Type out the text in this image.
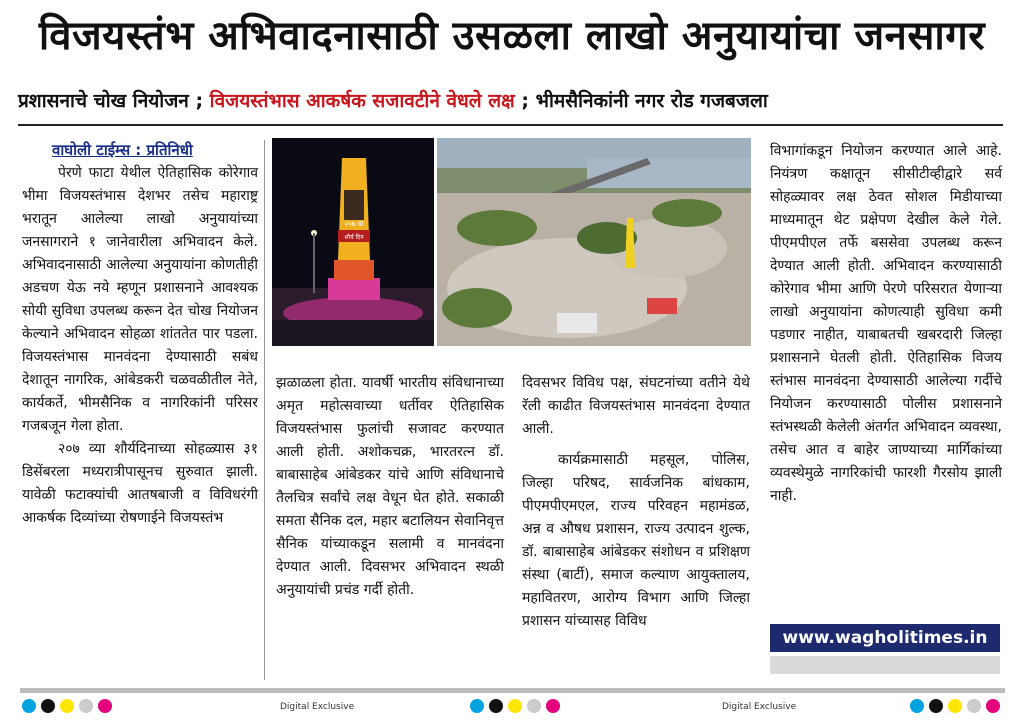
विजयस्तंभ अभिवादनासाठी उसळला लाखो अनुयायांचा जनसागर
प्रशासनाचे चोख नियोजन ; विजयस्तंभास आकर्षक सजावटीने वेधले लक्ष ; भीमसैनिकांनी नगर रोड गजबजला
वाघोली टाईम्स : प्रतिनिधी

पेरणे फाटा येथील ऐतिहासिक कोरेगाव भीमा विजयस्तंभास देशभर तसेच महाराष्ट्र भरातून आलेल्या लाखो अनुयायांच्या जनसागराने १ जानेवारीला अभिवादन केले. अभिवादनासाठी आलेल्या अनुयायांना कोणतीही अडचण येऊ नये म्हणून प्रशासनाने आवश्यक सोयी सुविधा उपलब्ध करून देत चोख नियोजन केल्याने अभिवादन सोहळा शांततेत पार पडला. विजयस्तंभास मानवंदना देण्यासाठी सबंध देशातून नागरिक, आंबेडकरी चळवळीतील नेते, कार्यकर्ते, भीमसैनिक व नागरिकांनी परिसर गजबजून गेला होता.

२०७ व्या शौर्यदिनाच्या सोहळ्यास ३१ डिसेंबरला मध्यरात्रीपासूनच सुरुवात झाली. यावेळी फटाक्यांची आतषबाजी व विविधरंगी आकर्षक दिव्यांच्या रोषणाईने विजयस्तंभ

२०७ वा
शौर्य दिन

झळाळला होता. यावर्षी भारतीय संविधानाच्या अमृत महोत्सवाच्या धर्तीवर ऐतिहासिक विजयस्तंभास फुलांची सजावट करण्यात आली होती. अशोकचक्र, भारतरत्न डॉ. बाबासाहेब आंबेडकर यांचे आणि संविधानाचे तैलचित्र सर्वांचे लक्ष वेधून घेत होते. सकाळी समता सैनिक दल, महार बटालियन सेवानिवृत्त सैनिक यांच्याकडून सलामी व मानवंदना देण्यात आली. दिवसभर अभिवादन स्थळी अनुयायांची प्रचंड गर्दी होती.

दिवसभर विविध पक्ष, संघटनांच्या वतीने येथे रॅली काढीत विजयस्तंभास मानवंदना देण्यात आली.

कार्यक्रमासाठी महसूल, पोलिस, जिल्हा परिषद, सार्वजनिक बांधकाम, पीएमपीएमएल, राज्य परिवहन महामंडळ, अन्न व औषध प्रशासन, राज्य उत्पादन शुल्क, डॉ. बाबासाहेब आंबेडकर संशोधन व प्रशिक्षण संस्था (बार्टी), समाज कल्याण आयुक्तालय, महावितरण, आरोग्य विभाग आणि जिल्हा प्रशासन यांच्यासह विविध

विभागांकडून नियोजन करण्यात आले आहे. नियंत्रण कक्षातून सीसीटीव्हीद्वारे सर्व सोहळ्यावर लक्ष ठेवत सोशल मिडीयाच्या माध्यमातून थेट प्रक्षेपण देखील केले गेले. पीएमपीएल तर्फे बससेवा उपलब्ध करून देण्यात आली होती. अभिवादन करण्यासाठी कोरेगाव भीमा आणि पेरणे परिसरात येणाऱ्या लाखो अनुयायांना कोणत्याही सुविधा कमी पडणार नाहीत, याबाबतची खबरदारी जिल्हा प्रशासनाने घेतली होती. ऐतिहासिक विजय स्तंभास मानवंदना देण्यासाठी आलेल्या गर्दीचे नियोजन करण्यासाठी पोलीस प्रशासनाने स्तंभस्थळी केलेली अंतर्गत अभिवादन व्यवस्था, तसेच आत व बाहेर जाण्याच्या मार्गिकांच्या व्यवस्थेमुळे नागरिकांची फारशी गैरसोय झाली नाही.

www.wagholitimes.in
Digital Exclusive	Digital Exclusive
